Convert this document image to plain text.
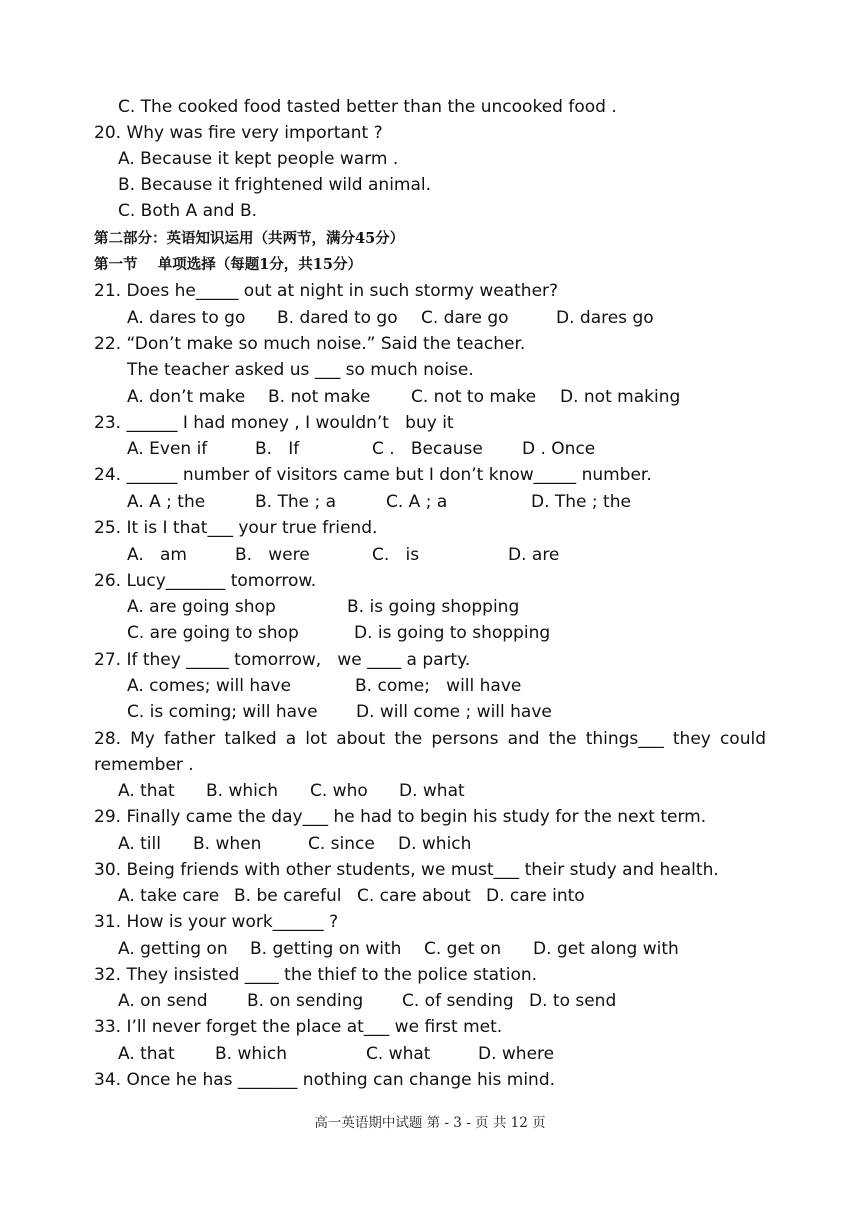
C. The cooked food tasted better than the uncooked food .
20. Why was fire very important ?
A. Because it kept people warm .
B. Because it frightened wild animal.
C. Both A and B.
第二部分：英语知识运用（共两节，满分45分）
第一节    单项选择（每题1分，共15分）
21. Does he_____ out at night in such stormy weather?
A. dares to go B. dared to go C. dare go	D. dares go
22. “Don’t make so much noise.” Said the teacher.
The teacher asked us ___ so much noise.
A. don’t make B. not make C. not to make D. not making
23. ______ I had money , I wouldn’t   buy it
A. Even if	B.   If	C .   Because D . Once
24. ______ number of visitors came but I don’t know_____ number.
A. A ; the	B. The ; a	C. A ; a	D. The ; the
25. It is I that___ your true friend.
A.   am	B.   were	C.   is	D. are
26. Lucy_______ tomorrow.
A. are going shop	B. is going shopping
C. are going to shop	D. is going to shopping
27. If they _____ tomorrow,   we ____ a party.
A. comes; will have	B. come;   will have
C. is coming; will have D. will come ; will have
28. My father talked a lot about the persons and the things___ they could
remember .
A. that B. which C. who D. what
29. Finally came the day___ he had to begin his study for the next term.
A. till B. when	C. since D. which
30. Being friends with other students, we must___ their study and health.
A. take care B. be careful C. care about D. care into
31. How is your work______ ?
A. getting on B. getting on with C. get on D. get along with
32. They insisted ____ the thief to the police station.
A. on send B. on sending C. of sending D. to send
33. I’ll never forget the place at___ we first met.
A. that B. which	C. what	D. where
34. Once he has _______ nothing can change his mind.
高一英语期中试题 第 - 3 - 页 共 12 页
